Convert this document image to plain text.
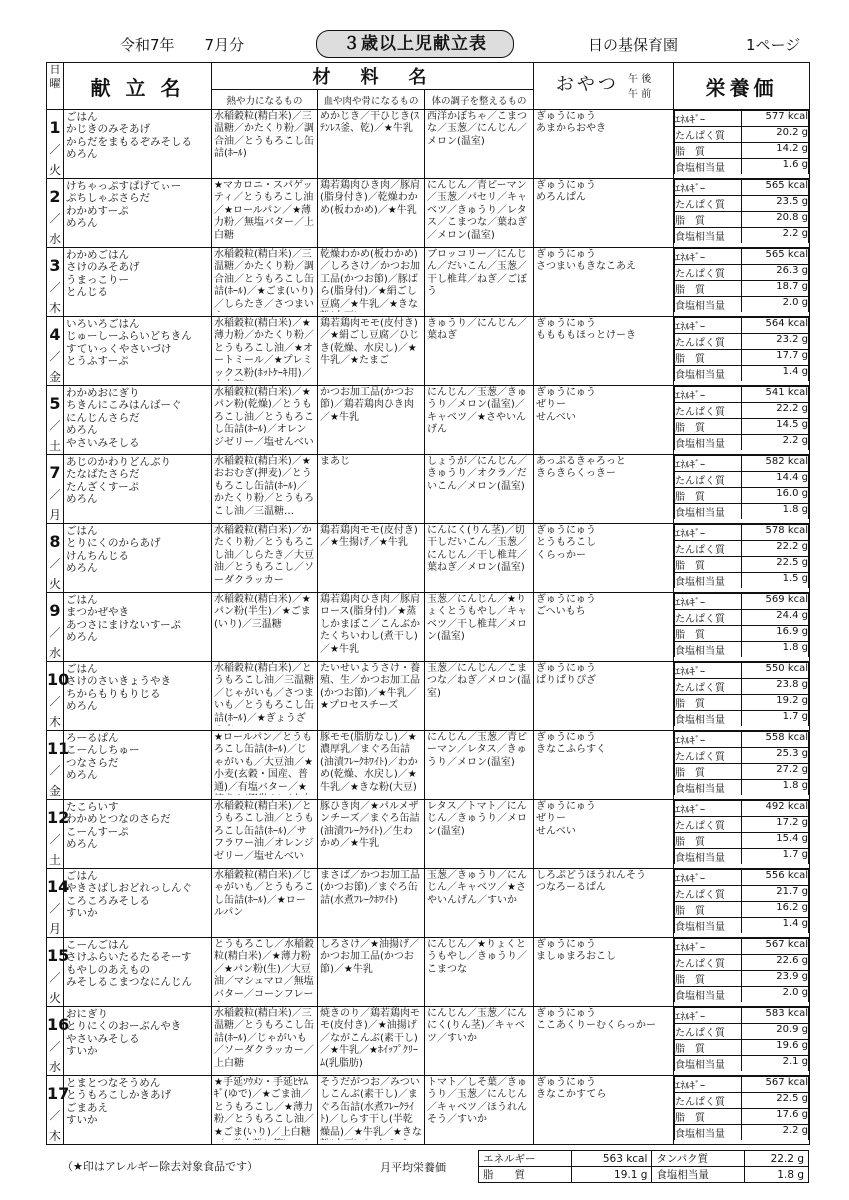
令和7年　　7月分	３歳以上児献立表	日の基保育園	1ページ
日
曜	献 立 名	材　料　名	おやつ 午 後
午 前	栄養価
熱や力になるもの	血や肉や骨になるもの	体の調子を整えるもの

1
／
火

ごはん
かじきのみそあげ
からだをまもるぞみそしる
めろん

水稲穀粒(精白米)／三温糖／かたくり粉／調合油／とうもろこし缶詰(ﾎｰﾙ)

めかじき／干ひじき(ｽﾃﾝﾚｽ釜、乾)／★牛乳

西洋かぼちゃ／こまつな／玉葱／にんじん／メロン(温室)

ぎゅうにゅう
あまからおやき

ｴﾈﾙｷﾞｰ	577 kcal
たんぱく質	20.2 g
脂　質	14.2 g
食塩相当量	1.6 g

2
／
水

けちゃっぷすぱげてぃー
ぷちしゃぶさらだ
わかめすーぷ
めろん

★マカロニ・スパゲッティ／とうもろこし油／★ロールパン／★薄力粉／無塩バター／上白糖

鶏若鶏肉ひき肉／豚肩(脂身付き)／乾燥わかめ(板わかめ)／★牛乳

にんじん／青ピーマン／玉葱／パセリ／キャベツ／きゅうり／レタス／こまつな／葉ねぎ／メロン(温室)

ぎゅうにゅう
めろんぱん

ｴﾈﾙｷﾞｰ	565 kcal
たんぱく質	23.5 g
脂　質	20.8 g
食塩相当量	2.2 g

3
／
木

わかめごはん
さけのみそあげ
うまっこりー
とんじる

水稲穀粒(精白米)／三温糖／かたくり粉／調合油／とうもろこし缶詰(ﾎｰﾙ)／★ごま(いり)／しらたき／さつまい

乾燥わかめ(板わかめ)／しろさけ／かつお加工品(かつお節)／豚ばら(脂身付)／★絹ごし豆腐／★牛乳／★きな

ブロッコリー／にんじん／だいこん／玉葱／干し椎茸／ねぎ／ごぼう

ぎゅうにゅう
さつまいもきなこあえ

ｴﾈﾙｷﾞｰ	565 kcal
たんぱく質	26.3 g
脂　質	18.7 g
食塩相当量	2.0 g

4
／
金

いろいろごはん
じゅーしーふらいどちきん
すていっくやさいづけ
とうふすーぷ

水稲穀粒(精白米)／★薄力粉／かたくり粉／とうもろこし油／★オートミール／★プレミックス粉(ﾎｯﾄｹｰｷ用)／

鶏若鶏肉モモ(皮付き)／★絹ごし豆腐／ひじき(乾燥、水戻し)／★牛乳／★たまご

きゅうり／にんじん／葉ねぎ

ぎゅうにゅう
ももももほっとけーき

ｴﾈﾙｷﾞｰ	564 kcal
たんぱく質	23.2 g
脂　質	17.7 g
食塩相当量	1.4 g

5
／
土

わかめおにぎり
ちきんにこみはんばーぐ
にんじんさらだ
めろん
やさいみそしる

水稲穀粒(精白米)／★パン粉(乾燥)／とうもろこし油／とうもろこし缶詰(ﾎｰﾙ)／オレンジゼリー／塩せんべい

かつお加工品(かつお節)／鶏若鶏肉ひき肉／★牛乳

にんじん／玉葱／きゅうり／メロン(温室)／キャベツ／★さやいんげん

ぎゅうにゅう
ぜりー
せんべい

ｴﾈﾙｷﾞｰ	541 kcal
たんぱく質	22.2 g
脂　質	14.5 g
食塩相当量	2.2 g

7
／
月

あじのかわりどんぶり
たなばたさらだ
たんざくすーぷ
めろん

水稲穀粒(精白米)／★おおむぎ(押麦)／とうもろこし缶詰(ﾎｰﾙ)／かたくり粉／とうもろこし油／三温糖…

まあじ	しょうが／にんじん／きゅうり／オクラ／だいこん／メロン(温室)

あっぷるきゃろっと
きらきらくっきー

ｴﾈﾙｷﾞｰ	582 kcal
たんぱく質	14.4 g
脂　質	16.0 g
食塩相当量	1.8 g

8
／
火

ごはん
とりにくのからあげ
けんちんじる
めろん

水稲穀粒(精白米)／かたくり粉／とうもろこし油／しらたき／大豆油／とうもろこし／ソーダクラッカー

鶏若鶏肉モモ(皮付き)／★生揚げ／★牛乳

にんにく(りん茎)／切干しだいこん／玉葱／にんじん／干し椎茸／葉ねぎ／メロン(温室)

ぎゅうにゅう
とうもろこし
くらっかー

ｴﾈﾙｷﾞｰ	578 kcal
たんぱく質	22.2 g
脂　質	22.5 g
食塩相当量	1.5 g

9
／
水

ごはん
まつかぜやき
あつさにまけないすーぷ
めろん

水稲穀粒(精白米)／★パン粉(半生)／★ごま(いり)／三温糖

鶏若鶏肉ひき肉／豚肩ロース(脂身付)／★蒸しかまぼこ／こんぶかたくちいわし(煮干し)／★牛乳

玉葱／にんじん／★りょくとうもやし／キャベツ／干し椎茸／メロン(温室)

ぎゅうにゅう
ごへいもち

ｴﾈﾙｷﾞｰ	569 kcal
たんぱく質	24.4 g
脂　質	16.9 g
食塩相当量	1.8 g

10
／
木

ごはん
さけのさいきょうやき
ちからもりもりじる
めろん

水稲穀粒(精白米)／とうもろこし油／三温糖／じゃがいも／さつまいも／とうもろこし缶詰(ﾎｰﾙ)／★ぎょうざ

たいせいようさけ・養殖、生／かつお加工品(かつお節)／★牛乳／★プロセスチーズ

玉葱／にんじん／こまつな／ねぎ／メロン(温室)

ぎゅうにゅう
ぱりぱりぴざ

ｴﾈﾙｷﾞｰ	550 kcal
たんぱく質	23.8 g
脂　質	19.2 g
食塩相当量	1.7 g

11
／
金

ろーるぱん
こーんしちゅー
つなさらだ
めろん

★ロールパン／とうもろこし缶詰(ﾎｰﾙ)／じゃがいも／大豆油／★小麦(玄穀・国産、普通)／有塩バター／★

豚モモ(脂肪なし)／★濃厚乳／まぐろ缶詰(油漬ﾌﾚｰｸﾎﾜｲﾄ)／わかめ(乾燥、水戻し)／★牛乳／★きな粉(大豆)

にんじん／玉葱／青ピーマン／レタス／きゅうり／メロン(温室)

ぎゅうにゅう
きなこふらすく

ｴﾈﾙｷﾞｰ	558 kcal
たんぱく質	25.3 g
脂　質	27.2 g
食塩相当量	1.8 g

12
／
土

たこらいす
わかめとつなのさらだ
こーんすーぷ
めろん

水稲穀粒(精白米)／とうもろこし油／とうもろこし缶詰(ﾎｰﾙ)／サフラワー油／オレンジゼリー／塩せんべい

豚ひき肉／★パルメザンチーズ／まぐろ缶詰(油漬ﾌﾚｰｸﾗｲﾄ)／生わかめ／★牛乳

レタス／トマト／にんじん／きゅうり／メロン(温室)

ぎゅうにゅう
ぜりー
せんべい

ｴﾈﾙｷﾞｰ	492 kcal
たんぱく質	17.2 g
脂　質	15.4 g
食塩相当量	1.7 g

14
／
月

ごはん
やきさばしおどれっしんぐ
ころころみそしる
すいか

水稲穀粒(精白米)／じゃがいも／とうもろこし缶詰(ﾎｰﾙ)／★ロールパン

まさば／かつお加工品(かつお節)／まぐろ缶詰(水煮ﾌﾚｰｸﾎﾜｲﾄ)

玉葱／きゅうり／にんじん／キャベツ／★さやいんげん／すいか

しろぷどうほうれんそう
つなろーるぱん

ｴﾈﾙｷﾞｰ	556 kcal
たんぱく質	21.7 g
脂　質	16.2 g
食塩相当量	1.4 g

15
／
火

こーんごはん
さけふらいたるたるそーす
もやしのあえもの
みそしるこまつなにんじん

とうもろこし／水稲穀粒(精白米)／★薄力粉／★パン粉(生)／大豆油／マシュマロ／無塩バター／コーンフレー

しろさけ／★油揚げ／かつお加工品(かつお節)／★牛乳

にんじん／★りょくとうもやし／きゅうり／こまつな

ぎゅうにゅう
ましゅまろおこし

ｴﾈﾙｷﾞｰ	567 kcal
たんぱく質	22.6 g
脂　質	23.9 g
食塩相当量	2.0 g

16
／
水

おにぎり
とりにくのおーぶんやき
やさいみそしる
すいか

水稲穀粒(精白米)／三温糖／とうもろこし缶詰(ﾎｰﾙ)／じゃがいも／ソーダクラッカー／上白糖

焼きのり／鶏若鶏肉モモ(皮付き)／★油揚げ／ながこんぶ(素干し)／★牛乳／★ﾎｲｯﾌﾟｸﾘｰﾑ(乳脂肪)

にんじん／玉葱／にんにく(りん茎)／キャベツ／すいか

ぎゅうにゅう
ここあくりーむくらっかー

ｴﾈﾙｷﾞｰ	583 kcal
たんぱく質	20.9 g
脂　質	19.6 g
食塩相当量	2.1 g

17
／
木

とまとつなそうめん
とうもろこしかきあげ
ごまあえ
すいか

★手延ｿｳﾒﾝ・手延ﾋﾔﾑｷﾞ(ゆで)／★ごま油／とうもろこし／★薄力粉／とうもろこし油／★ごま(いり)／上白糖

そうだがつお／みついしこんぶ(素干し)／まぐろ缶詰(水煮ﾌﾚｰｸﾗｲﾄ)／しらす干し(半乾燥品)／★牛乳／★きな

トマト／しそ葉／きゅうり／玉葱／にんじん／キャベツ／ほうれんそう／すいか

ぎゅうにゅう
きなこかすてら

ｴﾈﾙｷﾞｰ	567 kcal
たんぱく質	22.5 g
脂　質	17.6 g
食塩相当量	2.2 g
（★印はアレルギー除去対象食品です）	月平均栄養価
エネルギー	563 kcal	タンパク質	22.2 g
脂　　質	19.1 g	食塩相当量	1.8 g
